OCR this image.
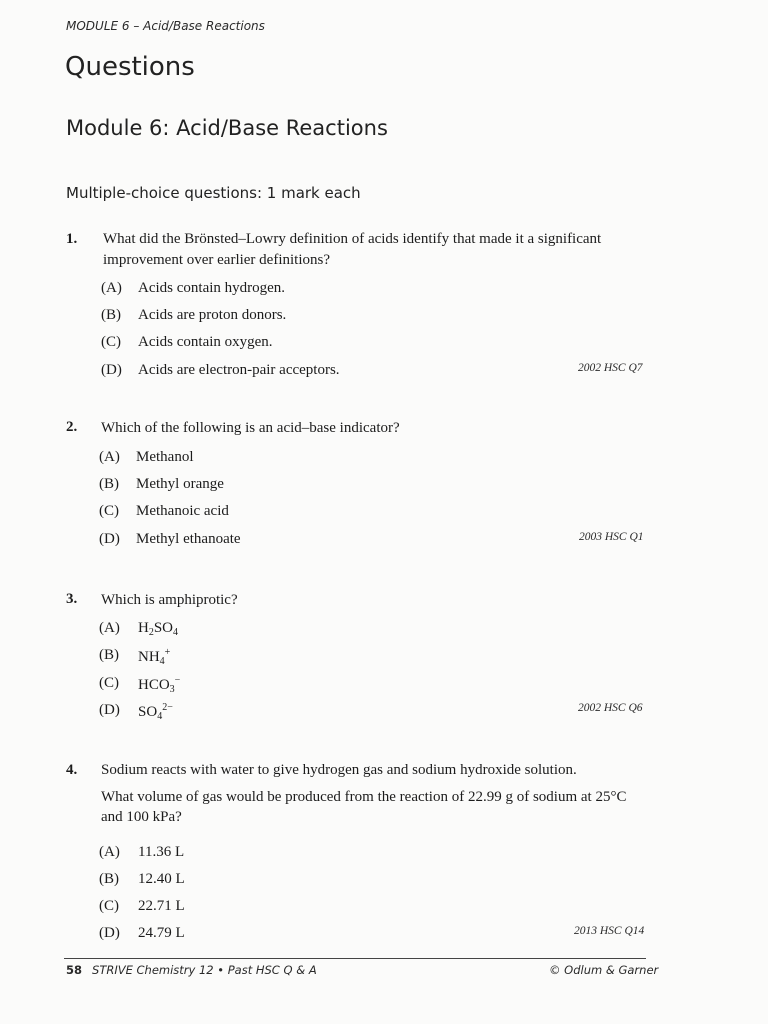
MODULE 6 – Acid/Base Reactions
Questions
Module 6: Acid/Base Reactions
Multiple-choice questions: 1 mark each
1. What did the Brönsted–Lowry definition of acids identify that made it a significant
improvement over earlier definitions?
(A) Acids contain hydrogen.
(B) Acids are proton donors.
(C) Acids contain oxygen.
(D) Acids are electron-pair acceptors.	2002 HSC Q7
2. Which of the following is an acid–base indicator?
(A) Methanol
(B) Methyl orange
(C) Methanoic acid
(D) Methyl ethanoate	2003 HSC Q1
3. Which is amphiprotic?
(A) $H_2SO_4$
(B) $NH_4^+$
(C) $HCO_3^-$
(D) $SO_4^{2-}$	2002 HSC Q6
4. Sodium reacts with water to give hydrogen gas and sodium hydroxide solution.
What volume of gas would be produced from the reaction of 22.99 g of sodium at 25°C
and 100 kPa?
(A) 11.36 L
(B) 12.40 L
(C) 22.71 L
(D) 24.79 L	2013 HSC Q14
58 STRIVE Chemistry 12 • Past HSC Q & A	© Odlum & Garner
